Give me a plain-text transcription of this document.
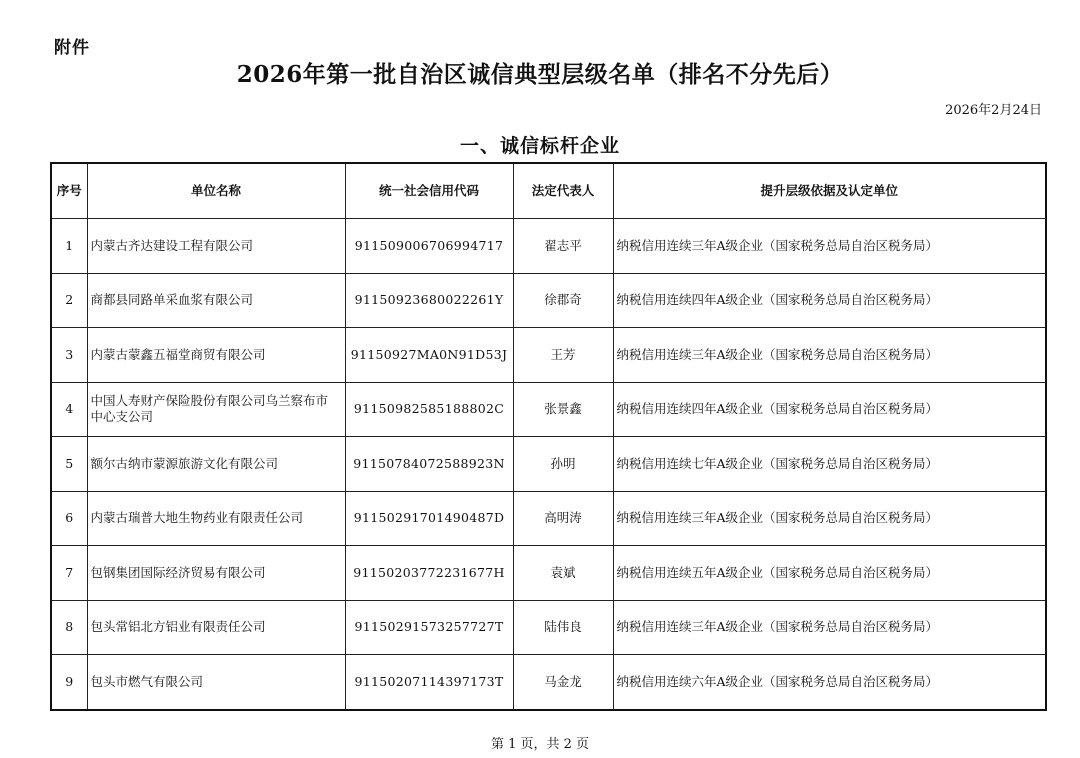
附件
2026年第一批自治区诚信典型层级名单（排名不分先后）
2026年2月24日
一、诚信标杆企业
序号	单位名称	统一社会信用代码	法定代表人	提升层级依据及认定单位
1	内蒙古齐达建设工程有限公司	911509006706994717	翟志平	纳税信用连续三年A级企业（国家税务总局自治区税务局）
2	商都县同路单采血浆有限公司	91150923680022261Y	徐郡奇	纳税信用连续四年A级企业（国家税务总局自治区税务局）
3	内蒙古蒙鑫五福堂商贸有限公司	91150927MA0N91D53J	王芳	纳税信用连续三年A级企业（国家税务总局自治区税务局）
4	中国人寿财产保险股份有限公司乌兰察布市中心支公司	91150982585188802C	张景鑫	纳税信用连续四年A级企业（国家税务总局自治区税务局）
5	额尔古纳市蒙源旅游文化有限公司	91150784072588923N	孙明	纳税信用连续七年A级企业（国家税务总局自治区税务局）
6	内蒙古瑞普大地生物药业有限责任公司	91150291701490487D	高明涛	纳税信用连续三年A级企业（国家税务总局自治区税务局）
7	包钢集团国际经济贸易有限公司	91150203772231677H	袁斌	纳税信用连续五年A级企业（国家税务总局自治区税务局）
8	包头常铝北方铝业有限责任公司	91150291573257727T	陆伟良	纳税信用连续三年A级企业（国家税务总局自治区税务局）
9	包头市燃气有限公司	91150207114397173T	马金龙	纳税信用连续六年A级企业（国家税务总局自治区税务局）
第 1 页，共 2 页
